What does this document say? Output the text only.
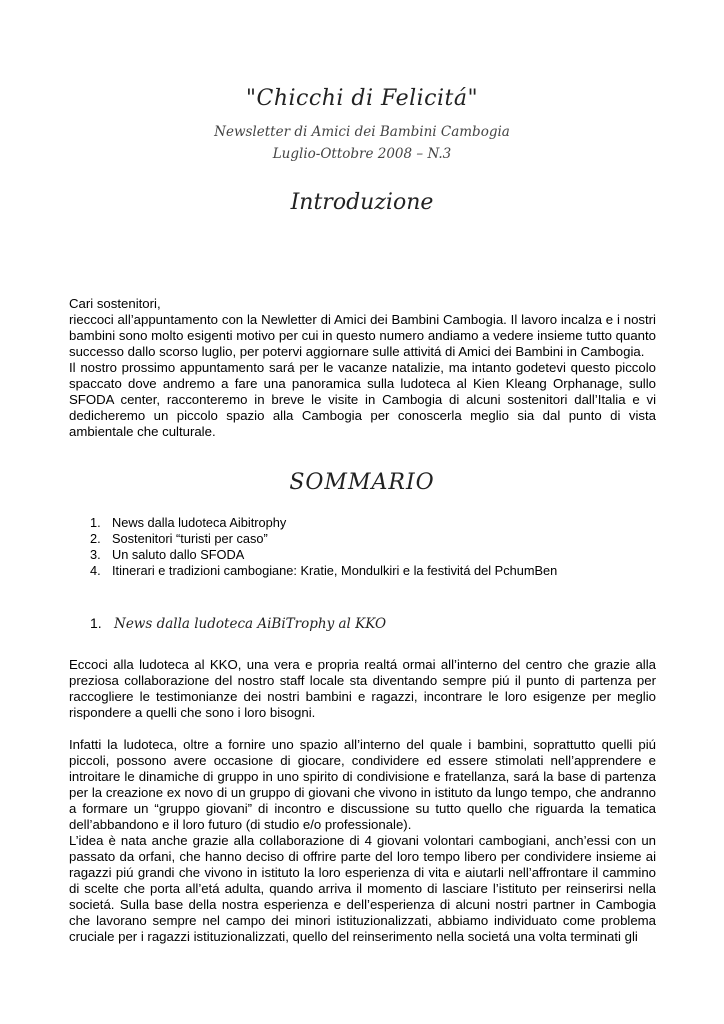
"Chicchi di Felicitá"
Newsletter di Amici dei Bambini Cambogia
Luglio-Ottobre 2008 – N.3
Introduzione

Cari sostenitori,

rieccoci all’appuntamento con la Newletter di Amici dei Bambini Cambogia. Il lavoro incalza e i nostri bambini sono molto esigenti motivo per cui in questo numero andiamo a vedere insieme tutto quanto successo dallo scorso luglio, per potervi aggiornare sulle attivitá di Amici dei Bambini in Cambogia.

Il nostro prossimo appuntamento sará per le vacanze natalizie, ma intanto godetevi questo piccolo spaccato dove andremo a fare una panoramica sulla ludoteca al Kien Kleang Orphanage, sullo SFODA center, racconteremo in breve le visite in Cambogia di alcuni sostenitori dall’Italia e vi dedicheremo un piccolo spazio alla Cambogia per conoscerla meglio sia dal punto di vista ambientale che culturale.

SOMMARIO
1. News dalla ludoteca Aibitrophy
2. Sostenitori “turisti per caso”
3. Un saluto dallo SFODA
4. Itinerari e tradizioni cambogiane: Kratie, Mondulkiri e la festivitá del PchumBen
1. News dalla ludoteca AiBiTrophy al KKO

Eccoci alla ludoteca al KKO, una vera e propria realtá ormai all’interno del centro che grazie alla preziosa collaborazione del nostro staff locale sta diventando sempre piú il punto di partenza per raccogliere le testimonianze dei nostri bambini e ragazzi, incontrare le loro esigenze per meglio rispondere a quelli che sono i loro bisogni.

Infatti la ludoteca, oltre a fornire uno spazio all’interno del quale i bambini, soprattutto quelli piú piccoli, possono avere occasione di giocare, condividere ed essere stimolati nell’apprendere e introitare le dinamiche di gruppo in uno spirito di condivisione e fratellanza, sará la base di partenza per la creazione ex novo di un gruppo di giovani che vivono in istituto da lungo tempo, che andranno a formare un “gruppo giovani” di incontro e discussione su tutto quello che riguarda la tematica dell’abbandono e il loro futuro (di studio e/o professionale).

L’idea è nata anche grazie alla collaborazione di 4 giovani volontari cambogiani, anch’essi con un passato da orfani, che hanno deciso di offrire parte del loro tempo libero per condividere insieme ai ragazzi piú grandi che vivono in istituto la loro esperienza di vita e aiutarli nell’affrontare il cammino di scelte che porta all’etá adulta, quando arriva il momento di lasciare l’istituto per reinserirsi nella societá. Sulla base della nostra esperienza e dell’esperienza di alcuni nostri partner in Cambogia che lavorano sempre nel campo dei minori istituzionalizzati, abbiamo individuato come problema cruciale per i ragazzi istituzionalizzati, quello del reinserimento nella societá una volta terminati gli
